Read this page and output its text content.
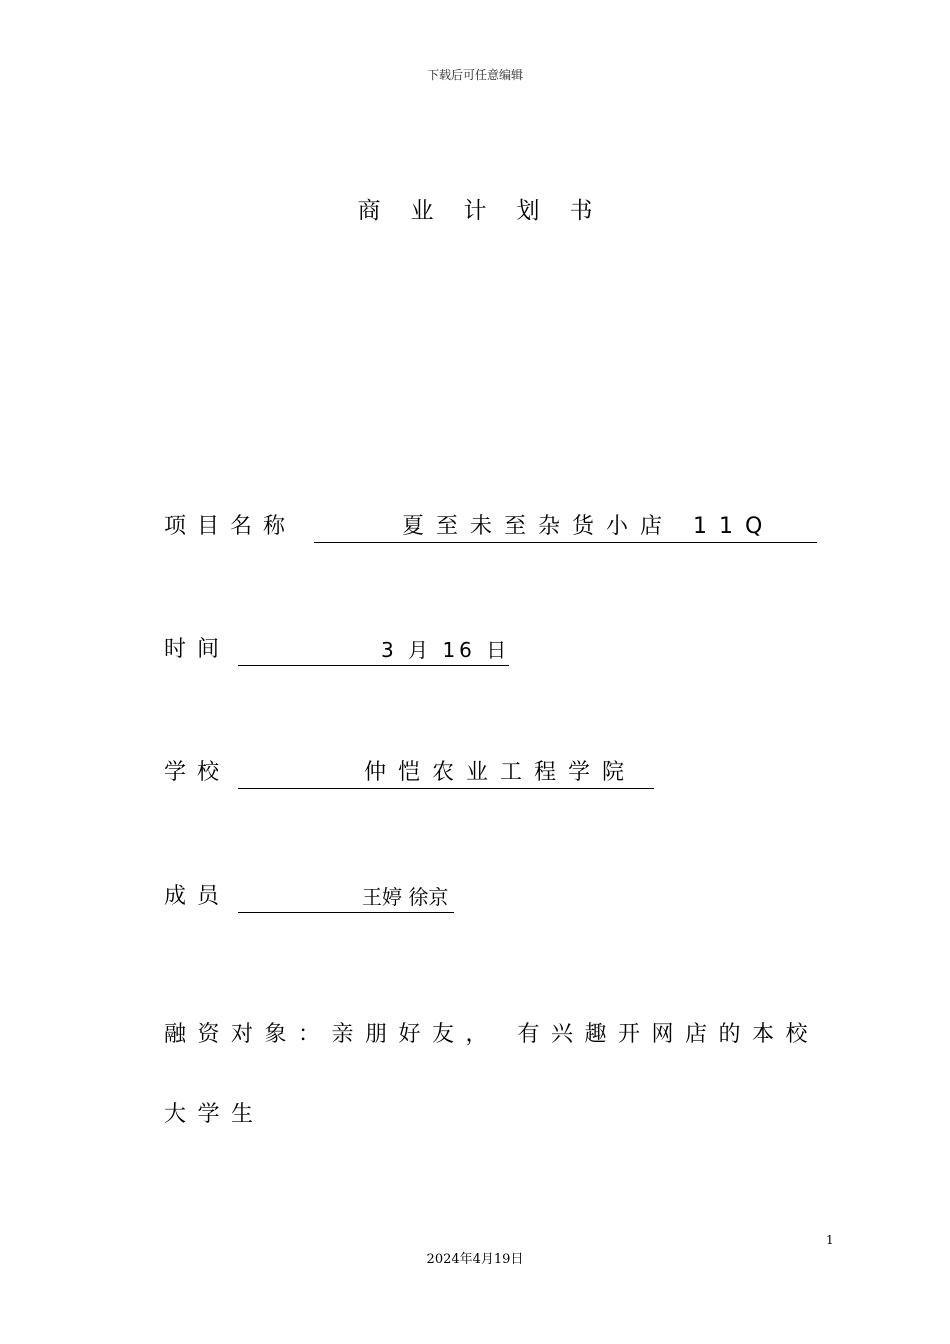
下载后可任意编辑
商业计划书
项目名称	夏至未至杂货小店 11Q
时间	3 月 16 日
学校	仲恺农业工程学院
成员	王婷 徐京
融资对象：亲朋好友， 有兴趣开网店的本校大学生
1
2024年4月19日
